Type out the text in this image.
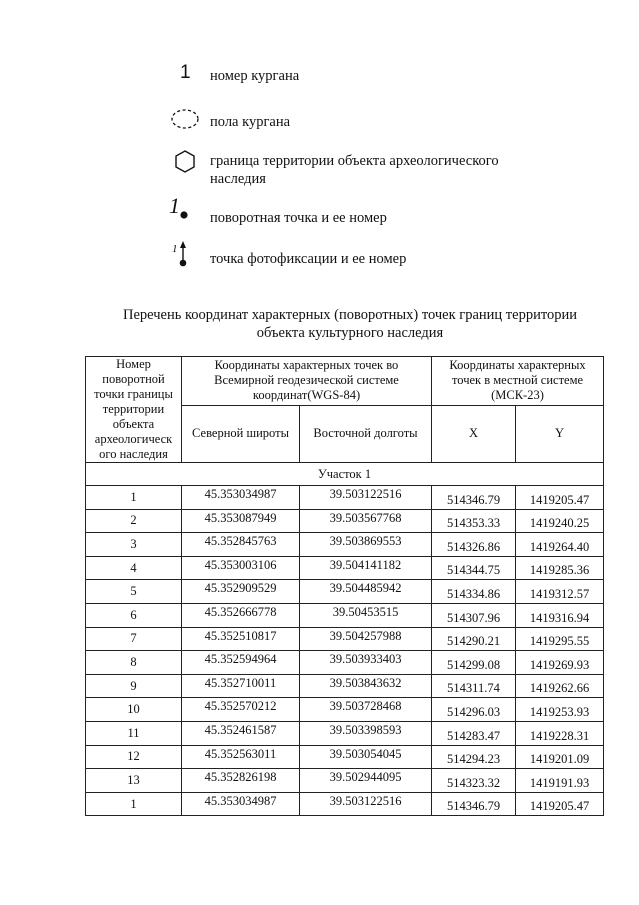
1 номер кургана
пола кургана
граница территории объекта археологического наследия
1 поворотная точка и ее номер
1
точка фотофиксации и ее номер
Перечень координат характерных (поворотных) точек границ территории объекта культурного наследия
Номер поворотной точки границы территории объекта археологическ ого наследия	Координаты характерных точек во Всемирной геодезической системе координат(WGS-84)		Координаты характерных точек в местной системе (МСК-23)	
	Северной широты	Восточной долготы	X	Y
Участок 1				
1	45.353034987	39.503122516	514346.79	1419205.47
2	45.353087949	39.503567768	514353.33	1419240.25
3	45.352845763	39.503869553	514326.86	1419264.40
4	45.353003106	39.504141182	514344.75	1419285.36
5	45.352909529	39.504485942	514334.86	1419312.57
6	45.352666778	39.50453515	514307.96	1419316.94
7	45.352510817	39.504257988	514290.21	1419295.55
8	45.352594964	39.503933403	514299.08	1419269.93
9	45.352710011	39.503843632	514311.74	1419262.66
10	45.352570212	39.503728468	514296.03	1419253.93
11	45.352461587	39.503398593	514283.47	1419228.31
12	45.352563011	39.503054045	514294.23	1419201.09
13	45.352826198	39.502944095	514323.32	1419191.93
1	45.353034987	39.503122516	514346.79	1419205.47
